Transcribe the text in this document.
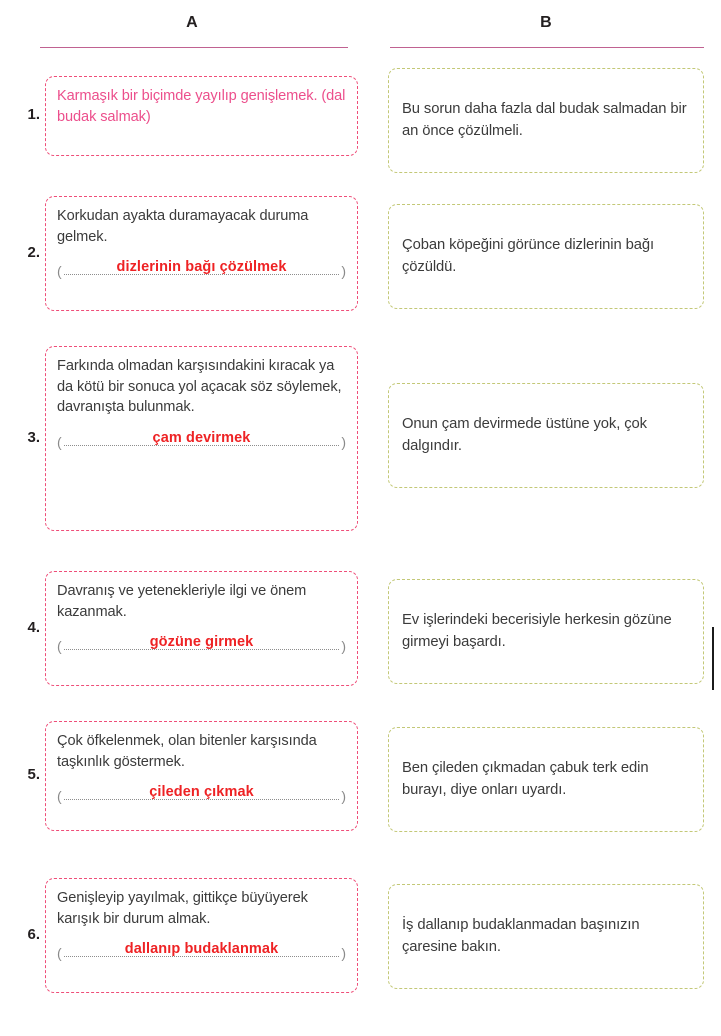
A	B
1.
Karmaşık bir biçimde yayılıp genişlemek. (dal budak salmak)	Bu sorun daha fazla dal budak salmadan bir an önce çözülmeli.
2.
Korkudan ayakta duramayacak duruma gelmek.
(	dizlerinin bağı çözülmek	)
Çoban köpeğini görünce dizlerinin bağı çözüldü.
3.
Farkında olmadan karşısındakini kıracak ya da kötü bir sonuca yol açacak söz söylemek, davranışta bulunmak.
(	çam devirmek	)
Onun çam devirmede üstüne yok, çok dalgındır.
4.
Davranış ve yetenekleriyle ilgi ve önem kazanmak.
(	gözüne girmek	)
Ev işlerindeki becerisiyle herkesin gözüne girmeyi başardı.
5.
Çok öfkelenmek, olan bitenler karşısında taşkınlık göstermek.
(	çileden çıkmak	)
Ben çileden çıkmadan çabuk terk edin burayı, diye onları uyardı.
6.
Genişleyip yayılmak, gittikçe büyüyerek karışık bir durum almak.
(	dallanıp budaklanmak	)
İş dallanıp budaklanmadan başınızın çaresine bakın.
